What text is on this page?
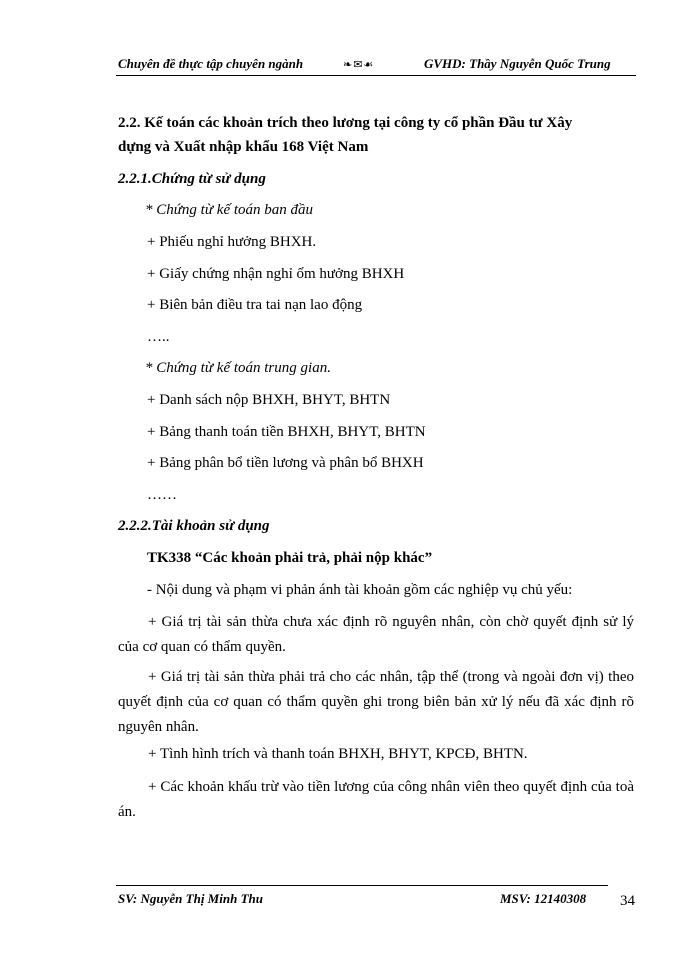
Chuyên đề thực tập chuyên ngành	❧✉☙	GVHD: Thầy Nguyễn Quốc Trung
2.2. Kế toán các khoản trích theo lương tại công ty cổ phần Đầu tư Xây
dựng và Xuất nhập khẩu 168 Việt Nam
2.2.1.Chứng từ sử dụng
* Chứng từ kế toán ban đầu
+ Phiếu nghỉ hưởng BHXH.
+ Giấy chứng nhận nghỉ ốm hưởng BHXH
+ Biên bản điều tra tai nạn lao động
…..
* Chứng từ kế toán trung gian.
+ Danh sách nộp BHXH, BHYT, BHTN
+ Bảng thanh toán tiền BHXH, BHYT, BHTN
+ Bảng phân bổ tiền lương và phân bổ BHXH
……
2.2.2.Tài khoản sử dụng
TK338 “Các khoản phải trả, phải nộp khác”
- Nội dung và phạm vi phản ánh tài khoản gồm các nghiệp vụ chủ yếu:
+ Giá trị tài sản thừa chưa xác định rõ nguyên nhân, còn chờ quyết định sử lý của cơ quan có thẩm quyền.
+ Giá trị tài sản thừa phải trả cho các nhân, tập thể (trong và ngoài đơn vị) theo quyết định của cơ quan có thẩm quyền ghi trong biên bản xử lý nếu đã xác định rõ nguyên nhân.
+ Tình hình trích và thanh toán BHXH, BHYT, KPCĐ, BHTN.
+ Các khoản khấu trừ vào tiền lương của công nhân viên theo quyết định của toà án.
SV: Nguyễn Thị Minh Thu	MSV: 12140308 34
